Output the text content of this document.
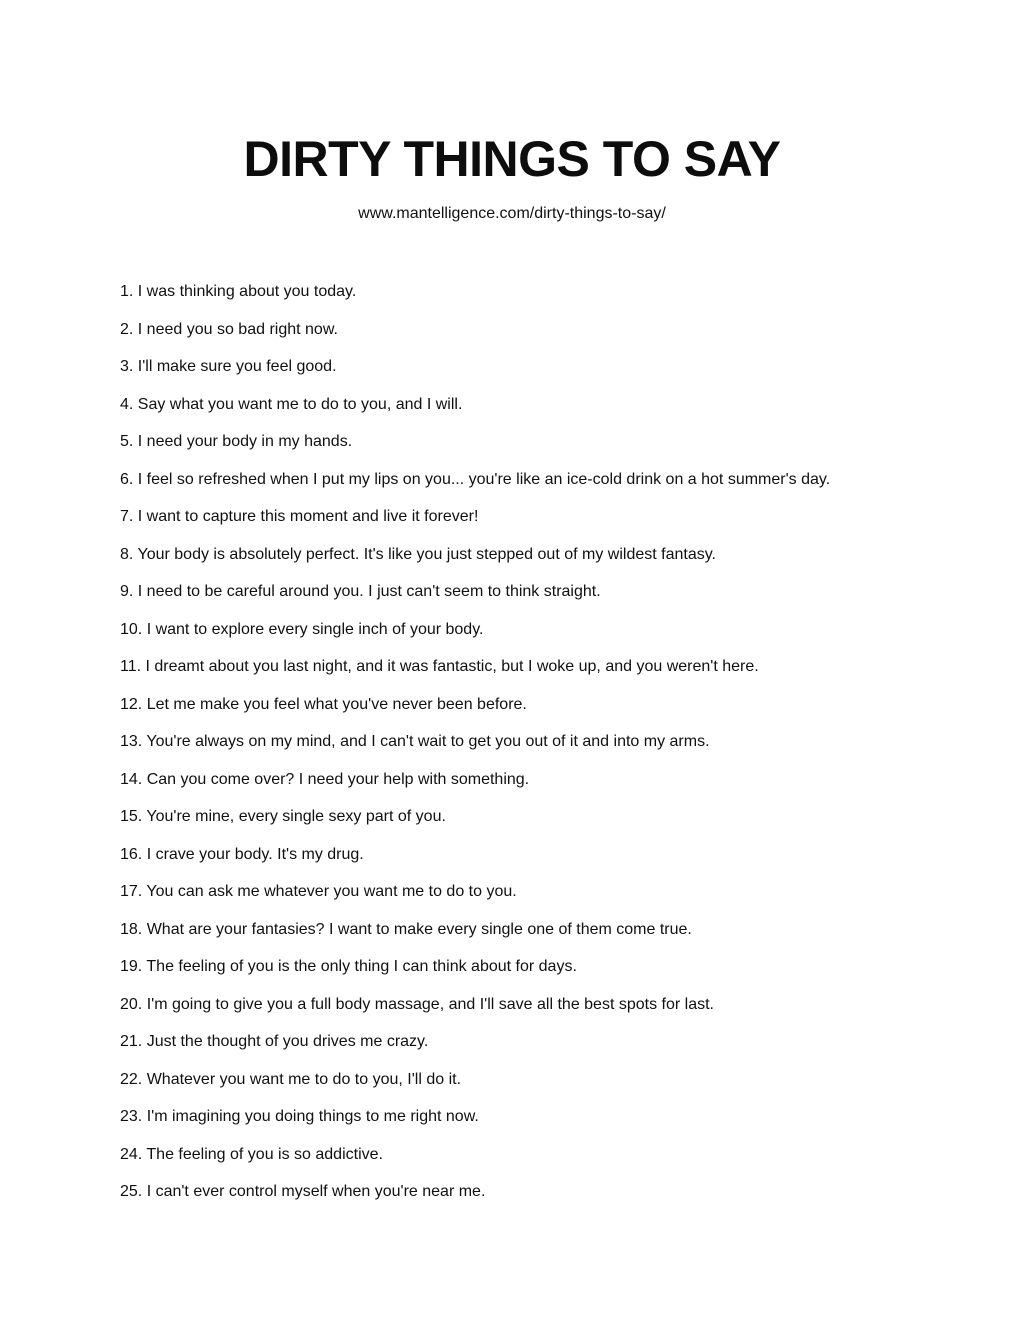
DIRTY THINGS TO SAY
www.mantelligence.com/dirty-things-to-say/
1. I was thinking about you today.
2. I need you so bad right now.
3. I'll make sure you feel good.
4. Say what you want me to do to you, and I will.
5. I need your body in my hands.
6. I feel so refreshed when I put my lips on you... you're like an ice-cold drink on a hot summer's day.
7. I want to capture this moment and live it forever!
8. Your body is absolutely perfect. It's like you just stepped out of my wildest fantasy.
9. I need to be careful around you. I just can't seem to think straight.
10. I want to explore every single inch of your body.
11. I dreamt about you last night, and it was fantastic, but I woke up, and you weren't here.
12. Let me make you feel what you've never been before.
13. You're always on my mind, and I can't wait to get you out of it and into my arms.
14. Can you come over? I need your help with something.
15. You're mine, every single sexy part of you.
16. I crave your body. It's my drug.
17. You can ask me whatever you want me to do to you.
18. What are your fantasies? I want to make every single one of them come true.
19. The feeling of you is the only thing I can think about for days.
20. I'm going to give you a full body massage, and I'll save all the best spots for last.
21. Just the thought of you drives me crazy.
22. Whatever you want me to do to you, I'll do it.
23. I'm imagining you doing things to me right now.
24. The feeling of you is so addictive.
25. I can't ever control myself when you're near me.
